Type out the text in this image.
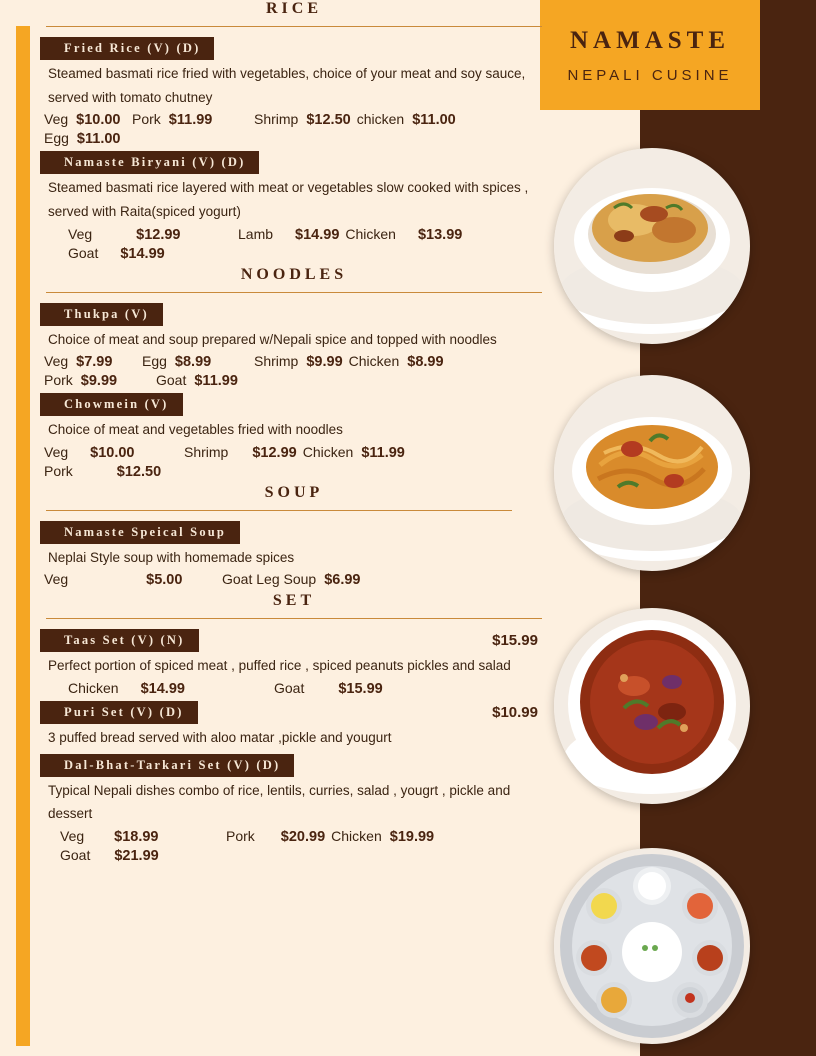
NAMASTE
NEPALI CUSINE
RICE
Fried Rice (V) (D)
Steamed basmati rice fried with vegetables, choice of your meat and soy sauce, served with tomato chutney
Veg $10.00 Pork $11.99	Shrimp $12.50 chicken $11.00
Egg $11.00
Namaste Biryani (V) (D)
Steamed basmati rice layered with meat or vegetables slow cooked with spices , served with Raita(spiced yogurt)
Veg	$12.99	Lamb $14.99 Chicken $13.99
Goat $14.99
NOODLES
Thukpa (V)
Choice of meat and soup prepared w/Nepali spice and topped with noodles
Veg $7.99 Egg $8.99	Shrimp $9.99 Chicken $8.99
Pork $9.99	Goat $11.99
Chowmein (V)
Choice of meat and vegetables fried with noodles
Veg $10.00	Shrimp $12.99 Chicken $11.99
Pork	$12.50
SOUP
Namaste Speical Soup
Neplai Style soup with homemade spices
Veg	$5.00	Goat Leg Soup $6.99
SET
Taas Set (V) (N)	$15.99
Perfect portion of spiced meat , puffed rice , spiced peanuts pickles and salad
Chicken $14.99	Goat $15.99
Puri Set (V) (D)	$10.99
3 puffed bread served with aloo matar ,pickle and yougurt
Dal-Bhat-Tarkari Set (V) (D)
Typical Nepali dishes combo of rice, lentils, curries, salad , yougrt , pickle and dessert
Veg $18.99	Pork $20.99 Chicken $19.99
Goat $21.99
